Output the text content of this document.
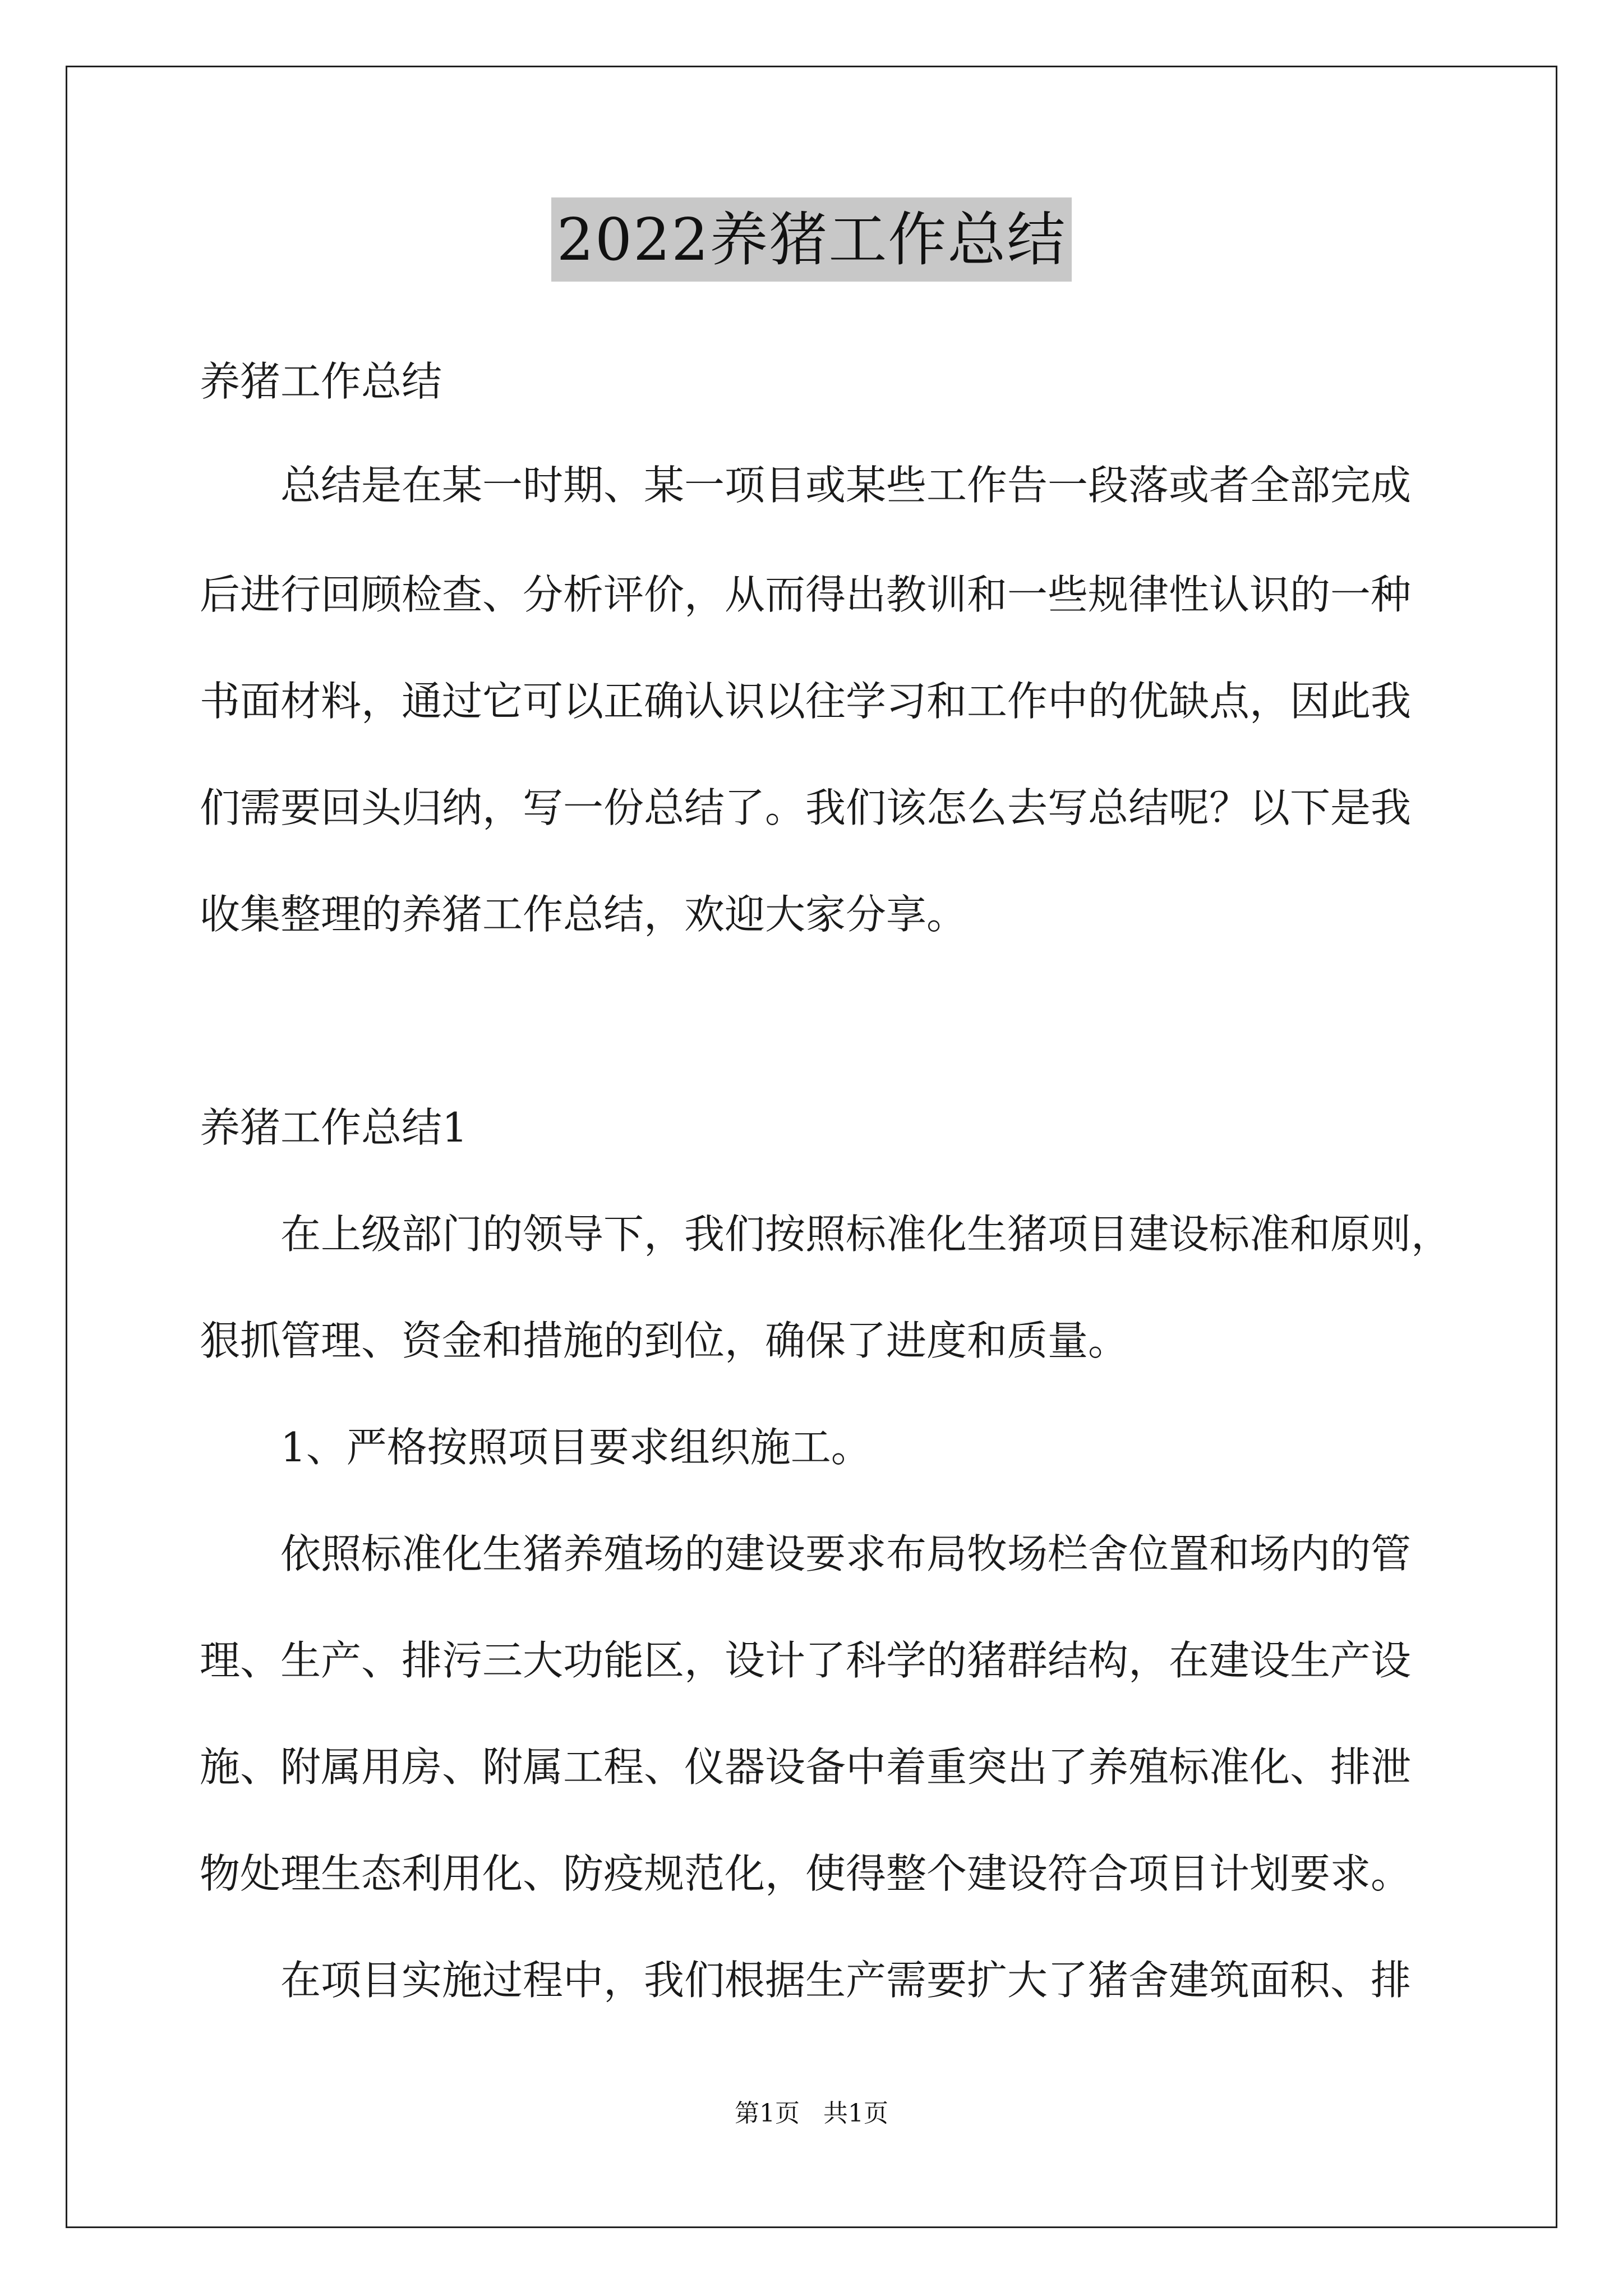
2022养猪工作总结
养猪工作总结
总结是在某一时期、某一项目或某些工作告一段落或者全部完成
后进行回顾检查、分析评价，从而得出教训和一些规律性认识的一种
书面材料，通过它可以正确认识以往学习和工作中的优缺点，因此我
们需要回头归纳，写一份总结了。我们该怎么去写总结呢？以下是我
收集整理的养猪工作总结，欢迎大家分享。
养猪工作总结1
在上级部门的领导下，我们按照标准化生猪项目建设标准和原则，
狠抓管理、资金和措施的到位，确保了进度和质量。
1、严格按照项目要求组织施工。
依照标准化生猪养殖场的建设要求布局牧场栏舍位置和场内的管
理、生产、排污三大功能区，设计了科学的猪群结构，在建设生产设
施、附属用房、附属工程、仪器设备中着重突出了养殖标准化、排泄
物处理生态利用化、防疫规范化，使得整个建设符合项目计划要求。
在项目实施过程中，我们根据生产需要扩大了猪舍建筑面积、排
第1页   共1页
